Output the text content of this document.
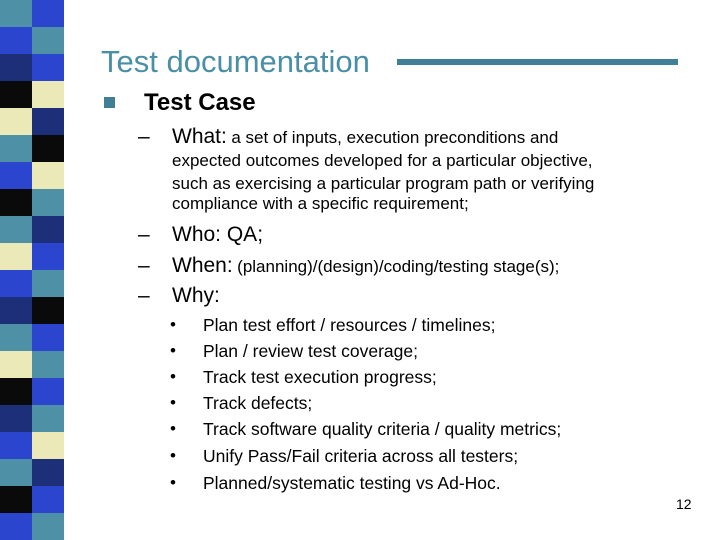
Test documentation
Test Case
– What: a set of inputs, execution preconditions and
expected outcomes developed for a particular objective,
such as exercising a particular program path or verifying
compliance with a specific requirement;
– Who: QA;
– When: (planning)/(design)/coding/testing stage(s);
– Why:
• Plan test effort / resources / timelines;
• Plan / review test coverage;
• Track test execution progress;
• Track defects;
• Track software quality criteria / quality metrics;
• Unify Pass/Fail criteria across all testers;
• Planned/systematic testing vs Ad-Hoc.
12
